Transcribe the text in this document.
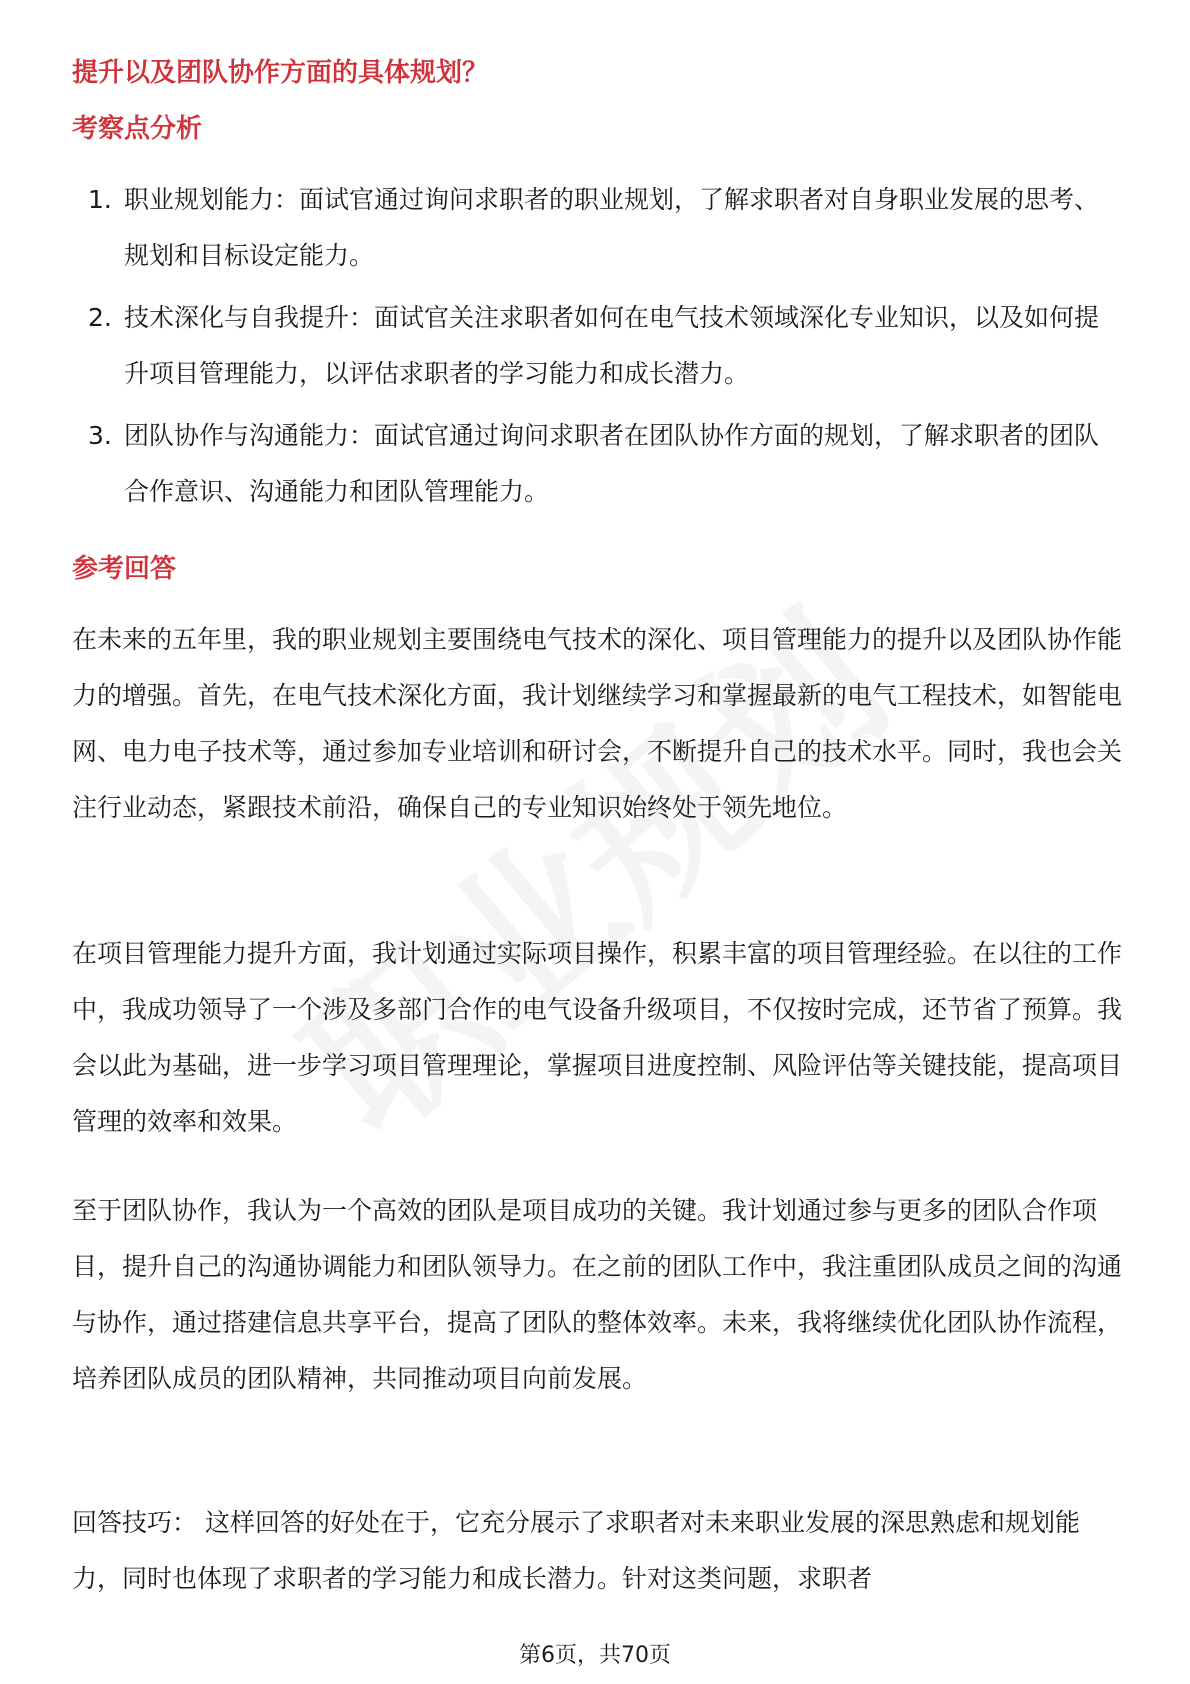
提升以及团队协作方面的具体规划？
考察点分析
1. 职业规划能力：面试官通过询问求职者的职业规划，了解求职者对自身职业发展的思考、规划和目标设定能力。
2. 技术深化与自我提升：面试官关注求职者如何在电气技术领域深化专业知识，以及如何提升项目管理能力，以评估求职者的学习能力和成长潜力。
3. 团队协作与沟通能力：面试官通过询问求职者在团队协作方面的规划，了解求职者的团队合作意识、沟通能力和团队管理能力。
参考回答

在未来的五年里，我的职业规划主要围绕电气技术的深化、项目管理能力的提升以及团队协作能力的增强。首先，在电气技术深化方面，我计划继续学习和掌握最新的电气工程技术，如智能电网、电力电子技术等，通过参加专业培训和研讨会，不断提升自己的技术水平。同时，我也会关注行业动态，紧跟技术前沿，确保自己的专业知识始终处于领先地位。

在项目管理能力提升方面，我计划通过实际项目操作，积累丰富的项目管理经验。在以往的工作中，我成功领导了一个涉及多部门合作的电气设备升级项目，不仅按时完成，还节省了预算。我会以此为基础，进一步学习项目管理理论，掌握项目进度控制、风险评估等关键技能，提高项目管理的效率和效果。

至于团队协作，我认为一个高效的团队是项目成功的关键。我计划通过参与更多的团队合作项目，提升自己的沟通协调能力和团队领导力。在之前的团队工作中，我注重团队成员之间的沟通与协作，通过搭建信息共享平台，提高了团队的整体效率。未来，我将继续优化团队协作流程，培养团队成员的团队精神，共同推动项目向前发展。

回答技巧： 这样回答的好处在于，它充分展示了求职者对未来职业发展的深思熟虑和规划能力，同时也体现了求职者的学习能力和成长潜力。针对这类问题，求职者

第6页，共70页
